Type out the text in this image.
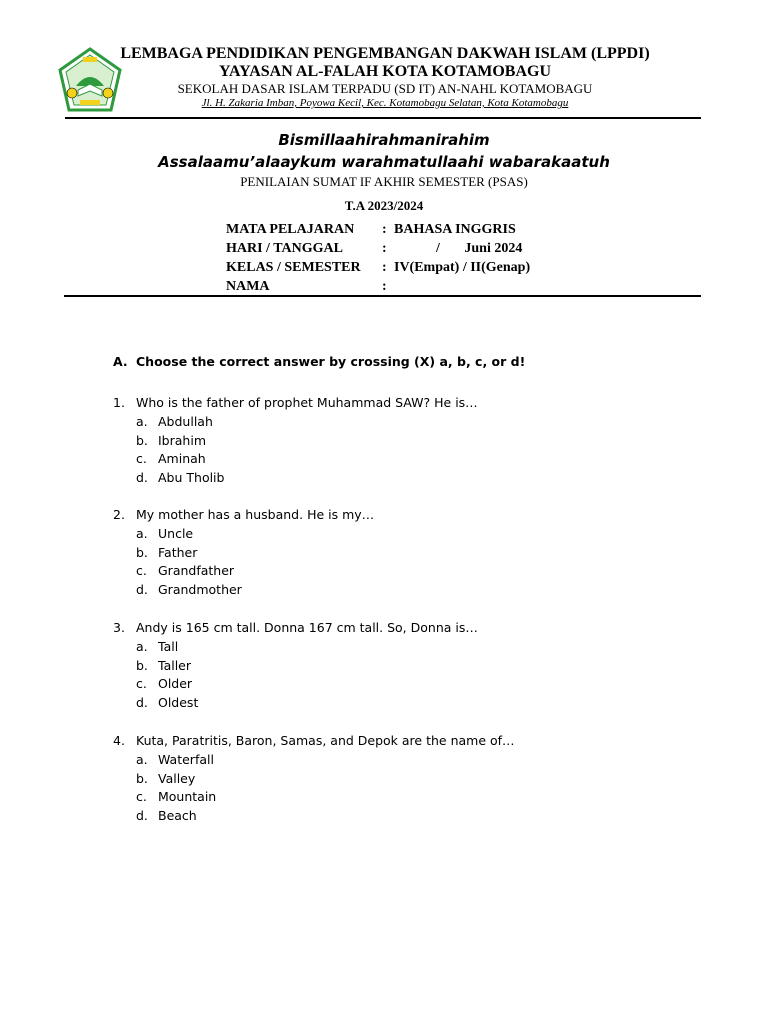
LEMBAGA PENDIDIKAN PENGEMBANGAN DAKWAH ISLAM (LPPDI)
YAYASAN AL-FALAH KOTA KOTAMOBAGU
SEKOLAH DASAR ISLAM TERPADU (SD IT) AN-NAHL KOTAMOBAGU
Jl. H. Zakaria Imban, Poyowa Kecil, Kec. Kotamobagu Selatan, Kota Kotamobagu
Bismillaahirahmanirahim
Assalaamu’alaaykum warahmatullaahi wabarakaatuh
PENILAIAN SUMAT IF AKHIR SEMESTER (PSAS)
T.A 2023/2024
MATA PELAJARAN : BAHASA INGGRIS
HARI / TANGGAL	: /       Juni 2024
KELAS / SEMESTER : IV(Empat) / II(Genap)
NAMA	:
A. Choose the correct answer by crossing (X) a, b, c, or d!
1. Who is the father of prophet Muhammad SAW? He is…
a. Abdullah
b. Ibrahim
c. Aminah
d. Abu Tholib
2. My mother has a husband. He is my…
a. Uncle
b. Father
c. Grandfather
d. Grandmother
3. Andy is 165 cm tall. Donna 167 cm tall. So, Donna is…
a. Tall
b. Taller
c. Older
d. Oldest
4. Kuta, Paratritis, Baron, Samas, and Depok are the name of…
a. Waterfall
b. Valley
c. Mountain
d. Beach
